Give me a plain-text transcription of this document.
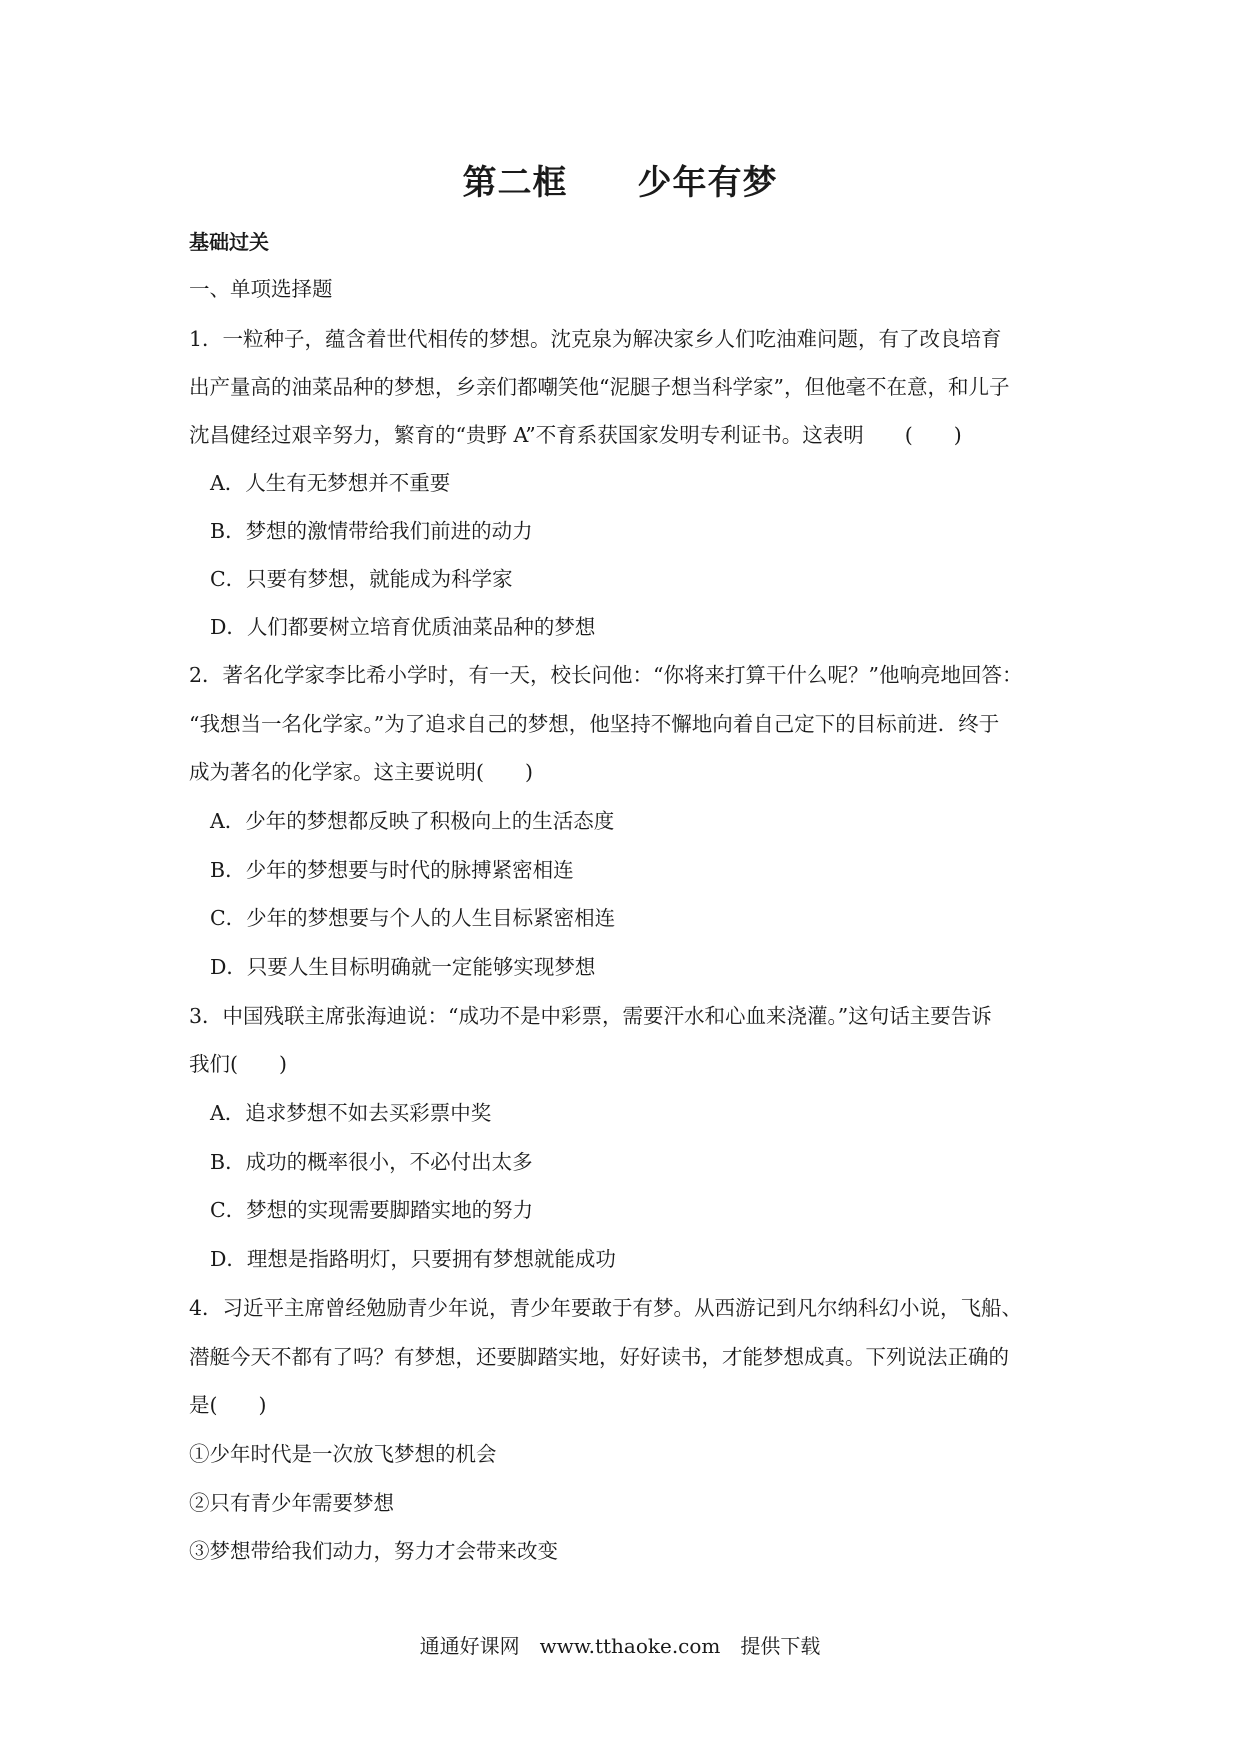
第二框　　少年有梦
基础过关
一、单项选择题
1．一粒种子，蕴含着世代相传的梦想。沈克泉为解决家乡人们吃油难问题，有了改良培育
出产量高的油菜品种的梦想，乡亲们都嘲笑他“泥腿子想当科学家”，但他毫不在意，和儿子
沈昌健经过艰辛努力，繁育的“贵野 A”不育系获国家发明专利证书。这表明　　(　　)
A．人生有无梦想并不重要
B．梦想的激情带给我们前进的动力
C．只要有梦想，就能成为科学家
D．人们都要树立培育优质油菜品种的梦想
2．著名化学家李比希小学时，有一天，校长问他：“你将来打算干什么呢？”他响亮地回答：
“我想当一名化学家。”为了追求自己的梦想，他坚持不懈地向着自己定下的目标前进．终于
成为著名的化学家。这主要说明(　　)
A．少年的梦想都反映了积极向上的生活态度
B．少年的梦想要与时代的脉搏紧密相连
C．少年的梦想要与个人的人生目标紧密相连
D．只要人生目标明确就一定能够实现梦想
3．中国残联主席张海迪说：“成功不是中彩票，需要汗水和心血来浇灌。”这句话主要告诉
我们(　　)
A．追求梦想不如去买彩票中奖
B．成功的概率很小，不必付出太多
C．梦想的实现需要脚踏实地的努力
D．理想是指路明灯，只要拥有梦想就能成功
4．习近平主席曾经勉励青少年说，青少年要敢于有梦。从西游记到凡尔纳科幻小说，飞船、
潜艇今天不都有了吗？有梦想，还要脚踏实地，好好读书，才能梦想成真。下列说法正确的
是(　　)
①少年时代是一次放飞梦想的机会
②只有青少年需要梦想
③梦想带给我们动力，努力才会带来改变
通通好课网　www.tthaoke.com　提供下载
